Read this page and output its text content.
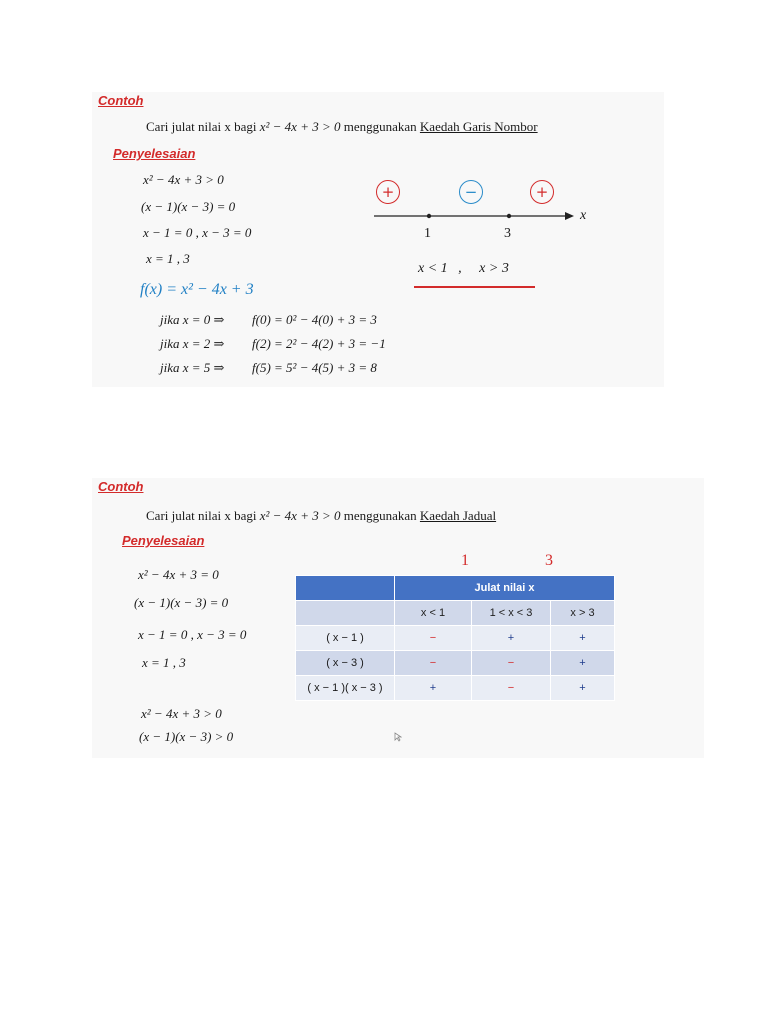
Contoh
Cari julat nilai x bagi x² − 4x + 3 > 0 menggunakan Kaedah Garis Nombor
Penyelesaian
x² − 4x + 3 > 0
(x − 1)(x − 3) = 0
x − 1 = 0 , x − 3 = 0
x = 1 , 3
f(x) = x² − 4x + 3
jika x = 0 ⇒ f(0) = 0² − 4(0) + 3 = 3
jika x = 2 ⇒ f(2) = 2² − 4(2) + 3 = −1
jika x = 5 ⇒ f(5) = 5² − 4(5) + 3 = 8
+	−	+
x
1	3
x < 1   ,     x > 3
Contoh
Cari julat nilai x bagi x² − 4x + 3 > 0 menggunakan Kaedah Jadual
Penyelesaian
x² − 4x + 3 = 0
(x − 1)(x − 3) = 0
x − 1 = 0 , x − 3 = 0
x = 1 , 3
x² − 4x + 3 > 0
(x − 1)(x − 3) > 0
1	3
	Julat nilai x		
	x < 1	1 < x < 3	x > 3
( x − 1 )	−	+	+
( x − 3 )	−	−	+
( x − 1 )( x − 3 )	+	−	+
